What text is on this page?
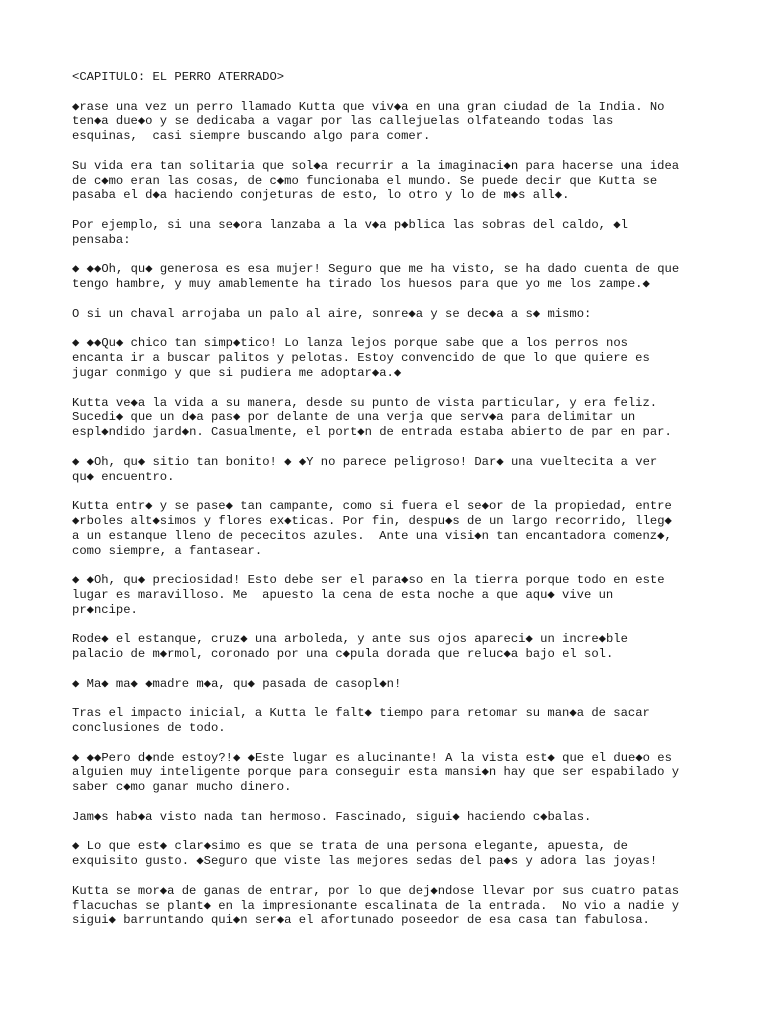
<CAPITULO: EL PERRO ATERRADO>
◆rase una vez un perro llamado Kutta que viv◆a en una gran ciudad de la India. No
ten◆a due◆o y se dedicaba a vagar por las callejuelas olfateando todas las
esquinas,  casi siempre buscando algo para comer.
Su vida era tan solitaria que sol◆a recurrir a la imaginaci◆n para hacerse una idea
de c◆mo eran las cosas, de c◆mo funcionaba el mundo. Se puede decir que Kutta se
pasaba el d◆a haciendo conjeturas de esto, lo otro y lo de m◆s all◆.
Por ejemplo, si una se◆ora lanzaba a la v◆a p◆blica las sobras del caldo, ◆l
pensaba:
◆ ◆◆Oh, qu◆ generosa es esa mujer! Seguro que me ha visto, se ha dado cuenta de que
tengo hambre, y muy amablemente ha tirado los huesos para que yo me los zampe.◆
O si un chaval arrojaba un palo al aire, sonre◆a y se dec◆a a s◆ mismo:
◆ ◆◆Qu◆ chico tan simp◆tico! Lo lanza lejos porque sabe que a los perros nos
encanta ir a buscar palitos y pelotas. Estoy convencido de que lo que quiere es
jugar conmigo y que si pudiera me adoptar◆a.◆
Kutta ve◆a la vida a su manera, desde su punto de vista particular, y era feliz.
Sucedi◆ que un d◆a pas◆ por delante de una verja que serv◆a para delimitar un
espl◆ndido jard◆n. Casualmente, el port◆n de entrada estaba abierto de par en par.
◆ ◆Oh, qu◆ sitio tan bonito! ◆ ◆Y no parece peligroso! Dar◆ una vueltecita a ver
qu◆ encuentro.
Kutta entr◆ y se pase◆ tan campante, como si fuera el se◆or de la propiedad, entre
◆rboles alt◆simos y flores ex◆ticas. Por fin, despu◆s de un largo recorrido, lleg◆
a un estanque lleno de pececitos azules.  Ante una visi◆n tan encantadora comenz◆,
como siempre, a fantasear.
◆ ◆Oh, qu◆ preciosidad! Esto debe ser el para◆so en la tierra porque todo en este
lugar es maravilloso. Me  apuesto la cena de esta noche a que aqu◆ vive un
pr◆ncipe.
Rode◆ el estanque, cruz◆ una arboleda, y ante sus ojos apareci◆ un incre◆ble
palacio de m◆rmol, coronado por una c◆pula dorada que reluc◆a bajo el sol.
◆ Ma◆ ma◆ ◆madre m◆a, qu◆ pasada de casopl◆n!
Tras el impacto inicial, a Kutta le falt◆ tiempo para retomar su man◆a de sacar
conclusiones de todo.
◆ ◆◆Pero d◆nde estoy?!◆ ◆Este lugar es alucinante! A la vista est◆ que el due◆o es
alguien muy inteligente porque para conseguir esta mansi◆n hay que ser espabilado y
saber c◆mo ganar mucho dinero.
Jam◆s hab◆a visto nada tan hermoso. Fascinado, sigui◆ haciendo c◆balas.
◆ Lo que est◆ clar◆simo es que se trata de una persona elegante, apuesta, de
exquisito gusto. ◆Seguro que viste las mejores sedas del pa◆s y adora las joyas!
Kutta se mor◆a de ganas de entrar, por lo que dej◆ndose llevar por sus cuatro patas
flacuchas se plant◆ en la impresionante escalinata de la entrada.  No vio a nadie y
sigui◆ barruntando qui◆n ser◆a el afortunado poseedor de esa casa tan fabulosa.
